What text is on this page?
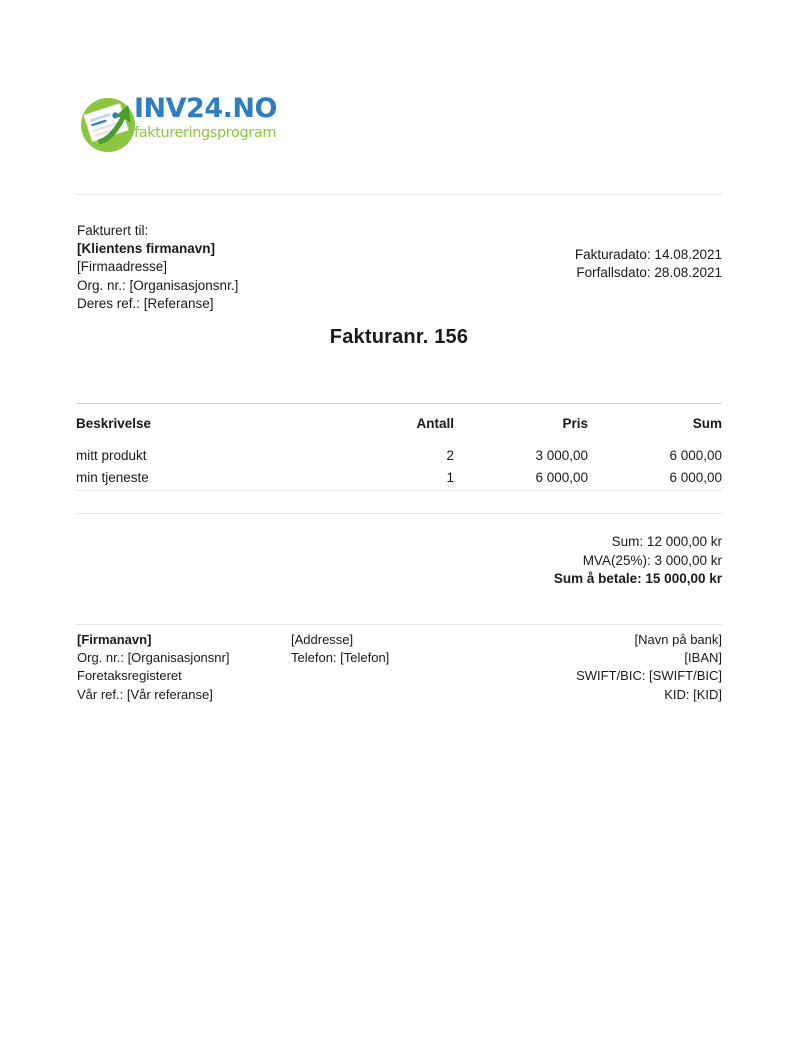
INV24.NO
faktureringsprogram
Fakturert til:
[Klientens firmanavn]
[Firmaadresse]
Org. nr.: [Organisasjonsnr.]
Deres ref.: [Referanse]
Fakturadato: 14.08.2021
Forfallsdato: 28.08.2021
Fakturanr. 156
Beskrivelse	Antall	Pris	Sum
mitt produkt	2	3 000,00	6 000,00
min tjeneste	1	6 000,00	6 000,00
Sum: 12 000,00 kr
MVA(25%): 3 000,00 kr
Sum å betale: 15 000,00 kr
[Firmanavn]
Org. nr.: [Organisasjonsnr]
Foretaksregisteret
Vår ref.: [Vår referanse]
[Addresse]
Telefon: [Telefon]
[Navn på bank]
[IBAN]
SWIFT/BIC: [SWIFT/BIC]
KID: [KID]
